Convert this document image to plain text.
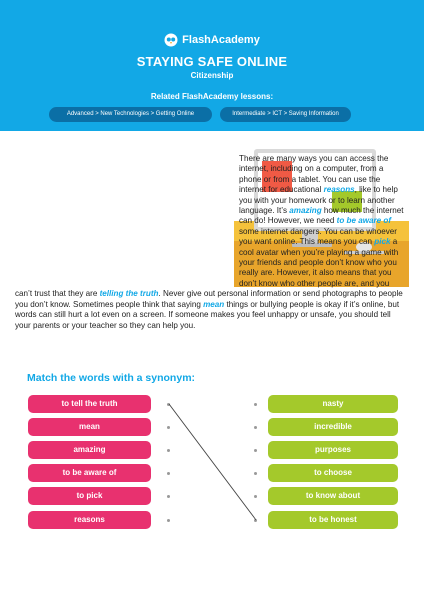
FlashAcademy
STAYING SAFE ONLINE
Citizenship
Related FlashAcademy lessons:
Advanced > New Technologies > Getting Online	Intermediate > ICT > Saving Information
There are many ways you can access the internet, including on a computer, from a phone or from a tablet. You can use the internet for educational reasons, like to help you with your homework or to learn another language. It’s amazing how much the internet can do! However, we need to be aware of some internet dangers. You can be whoever you want online. This means you can pick a cool avatar when you’re playing a game with your friends and people don’t know who you really are. However, it also means that you don’t know who other people are, and you can’t trust that they are telling the truth. Never give out personal information or send photographs to people you don’t know. Sometimes people think that saying mean things or bullying people is okay if it’s online, but words can still hurt a lot even on a screen. If someone makes you feel unhappy or unsafe, you should tell your parents or your teacher so they can help you.
Match the words with a synonym:
to tell the truth
mean
amazing
to be aware of
to pick
reasons
nasty
incredible
purposes
to choose
to know about
to be honest
